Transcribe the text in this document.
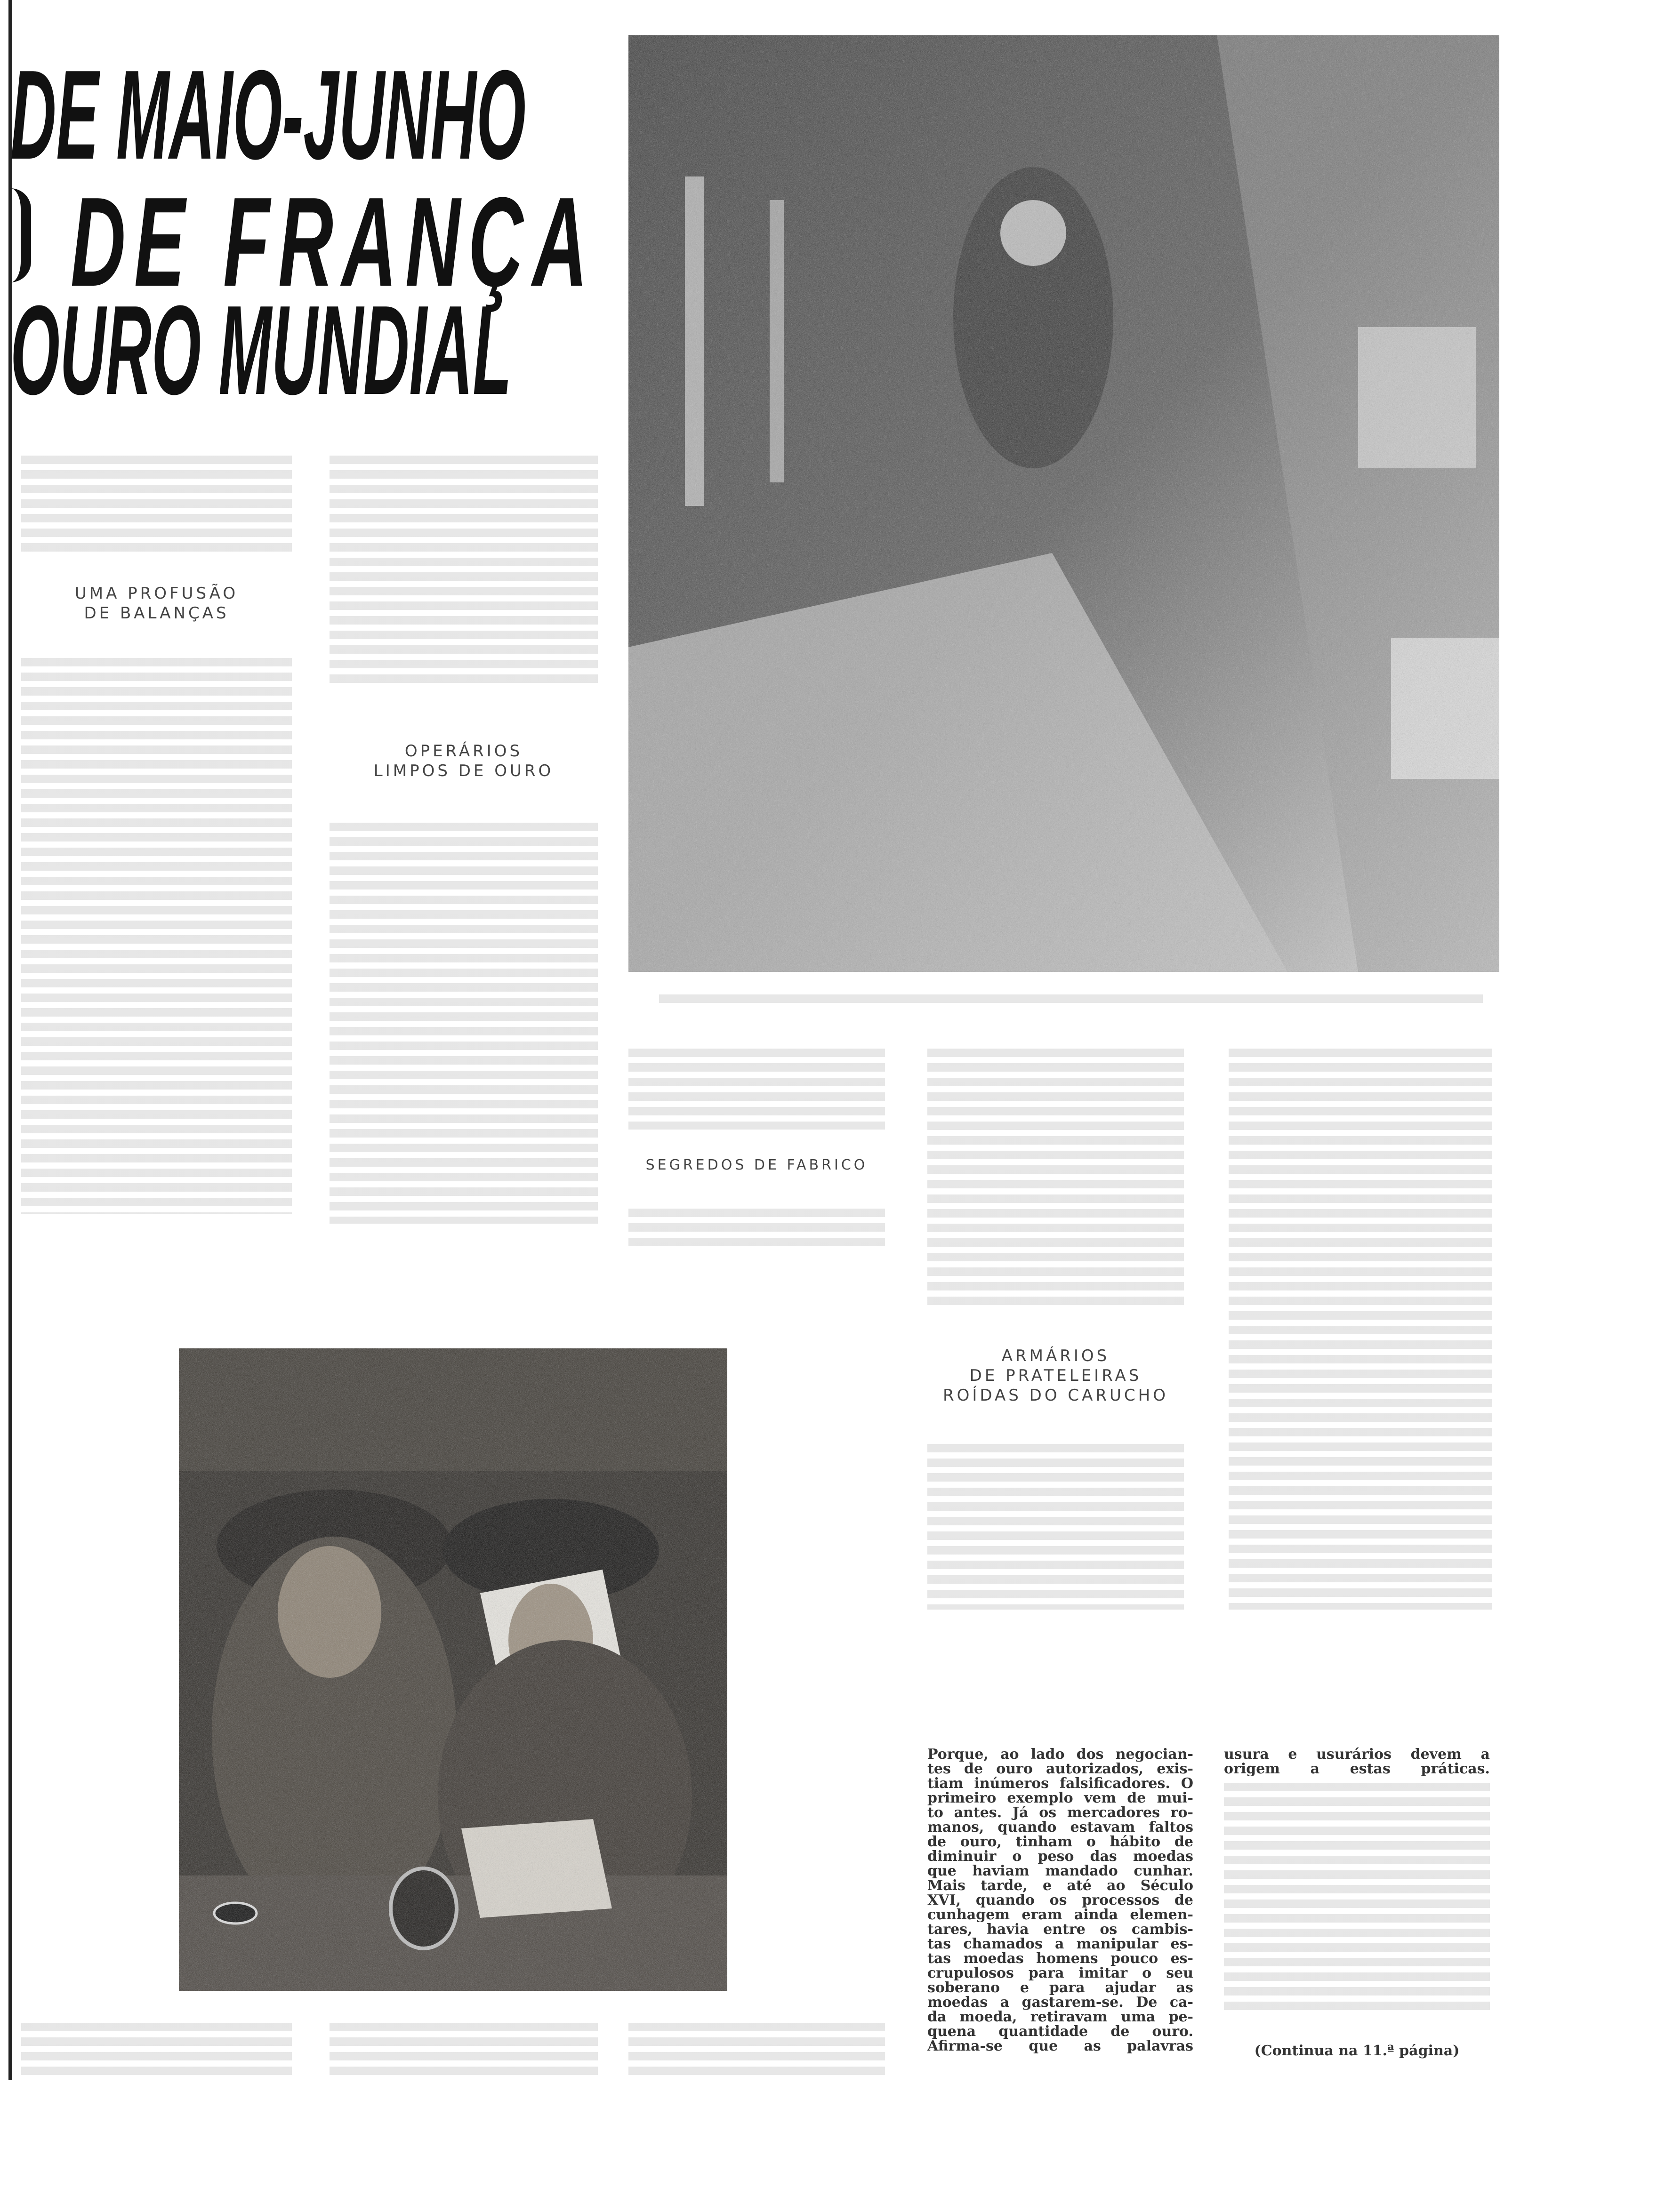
DE MAIO-JUNHO
DE FRANÇA
OURO MUNDIAL
UMA PROFUSÃO
DE BALANÇAS
OPERÁRIOS
LIMPOS DE OURO
SEGREDOS DE FABRICO
ARMÁRIOS
DE PRATELEIRAS
ROÍDAS DO CARUCHO
Porque, ao lado dos negocian-
tes de ouro autorizados, exis-
tiam inúmeros falsificadores. O
primeiro exemplo vem de mui-
to antes. Já os mercadores ro-
manos, quando estavam faltos
de ouro, tinham o hábito de
diminuir o peso das moedas
que haviam mandado cunhar.
Mais tarde, e até ao Século
XVI, quando os processos de
cunhagem eram ainda elemen-
tares, havia entre os cambis-
tas chamados a manipular es-
tas moedas homens pouco es-
crupulosos para imitar o seu
soberano e para ajudar as
moedas a gastarem-se. De ca-
da moeda, retiravam uma pe-
quena quantidade de ouro.
Afirma-se que as palavras
usura e usurários devem a
origem a estas práticas.
(Continua na 11.ª página)
